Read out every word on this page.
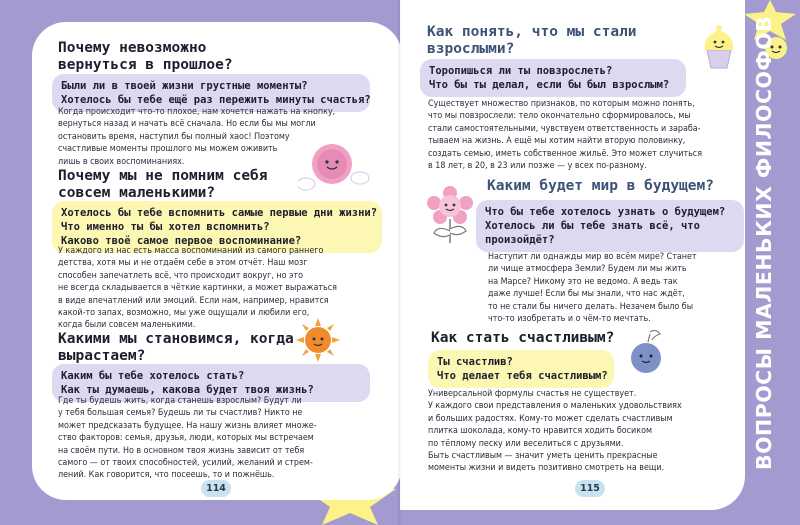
Почему невозможно
вернуться в прошлое?
Были ли в твоей жизни грустные моменты?
Хотелось бы тебе ещё раз пережить минуты счастья?

Когда происходит что-то плохое, нам хочется нажать на кнопку,
вернуться назад и начать всё сначала. Но если бы мы могли
остановить время, наступил бы полный хаос! Поэтому
счастливые моменты прошлого мы можем оживить
лишь в своих воспоминаниях.

Почему мы не помним себя
совсем маленькими?
Хотелось бы тебе вспомнить самые первые дни жизни?
Что именно ты бы хотел вспомнить?
Каково твоё самое первое воспоминание?

У каждого из нас есть масса воспоминаний из самого раннего
детства, хотя мы и не отдаём себе в этом отчёт. Наш мозг
способен запечатлеть всё, что происходит вокруг, но это
не всегда складывается в чёткие картинки, а может выражаться
в виде впечатлений или эмоций. Если нам, например, нравится
какой-то запах, возможно, мы уже ощущали и любили его,
когда были совсем маленькими.

Какими мы становимся, когда
вырастаем?
Каким бы тебе хотелось стать?
Как ты думаешь, какова будет твоя жизнь?

Где ты будешь жить, когда станешь взрослым? Будут ли
у тебя большая семья? Будешь ли ты счастлив? Никто не
может предсказать будущее. На нашу жизнь влияет множе-
ство факторов: семья, друзья, люди, которых мы встречаем
на своём пути. Но в основном твоя жизнь зависит от тебя
самого — от твоих способностей, усилий, желаний и стрем-
лений. Как говорится, что посеешь, то и пожнёшь.

114
Как понять, что мы стали
взрослыми?
Торопишься ли ты повзрослеть?
Что бы ты делал, если бы был взрослым?

Существует множество признаков, по которым можно понять,
что мы повзрослели: тело окончательно сформировалось, мы
стали самостоятельными, чувствуем ответственность и зараба-
тываем на жизнь. А ещё мы хотим найти вторую половинку,
создать семью, иметь собственное жильё. Это может случиться
в 18 лет, в 20, в 23 или позже — у всех по-разному.

Каким будет мир в будущем?
Что бы тебе хотелось узнать о будущем?
Хотелось ли бы тебе знать всё, что
произойдёт?

Наступит ли однажды мир во всём мире? Станет
ли чище атмосфера Земли? Будем ли мы жить
на Марсе? Никому это не ведомо. А ведь так
даже лучше! Если бы мы знали, что нас ждёт,
то не стали бы ничего делать. Незачем было бы
что-то изобретать и о чём-то мечтать.

Как стать счастливым?
Ты счастлив?
Что делает тебя счастливым?

Универсальной формулы счастья не существует.
У каждого свои представления о маленьких удовольствиях
и больших радостях. Кому-то может сделать счастливым
плитка шоколада, кому-то нравится ходить босиком
по тёплому песку или веселиться с друзьями.
Быть счастливым — значит уметь ценить прекрасные
моменты жизни и видеть позитивно смотреть на вещи.

115
ВОПРОСЫ МАЛЕНЬКИХ ФИЛОСОФОВ
